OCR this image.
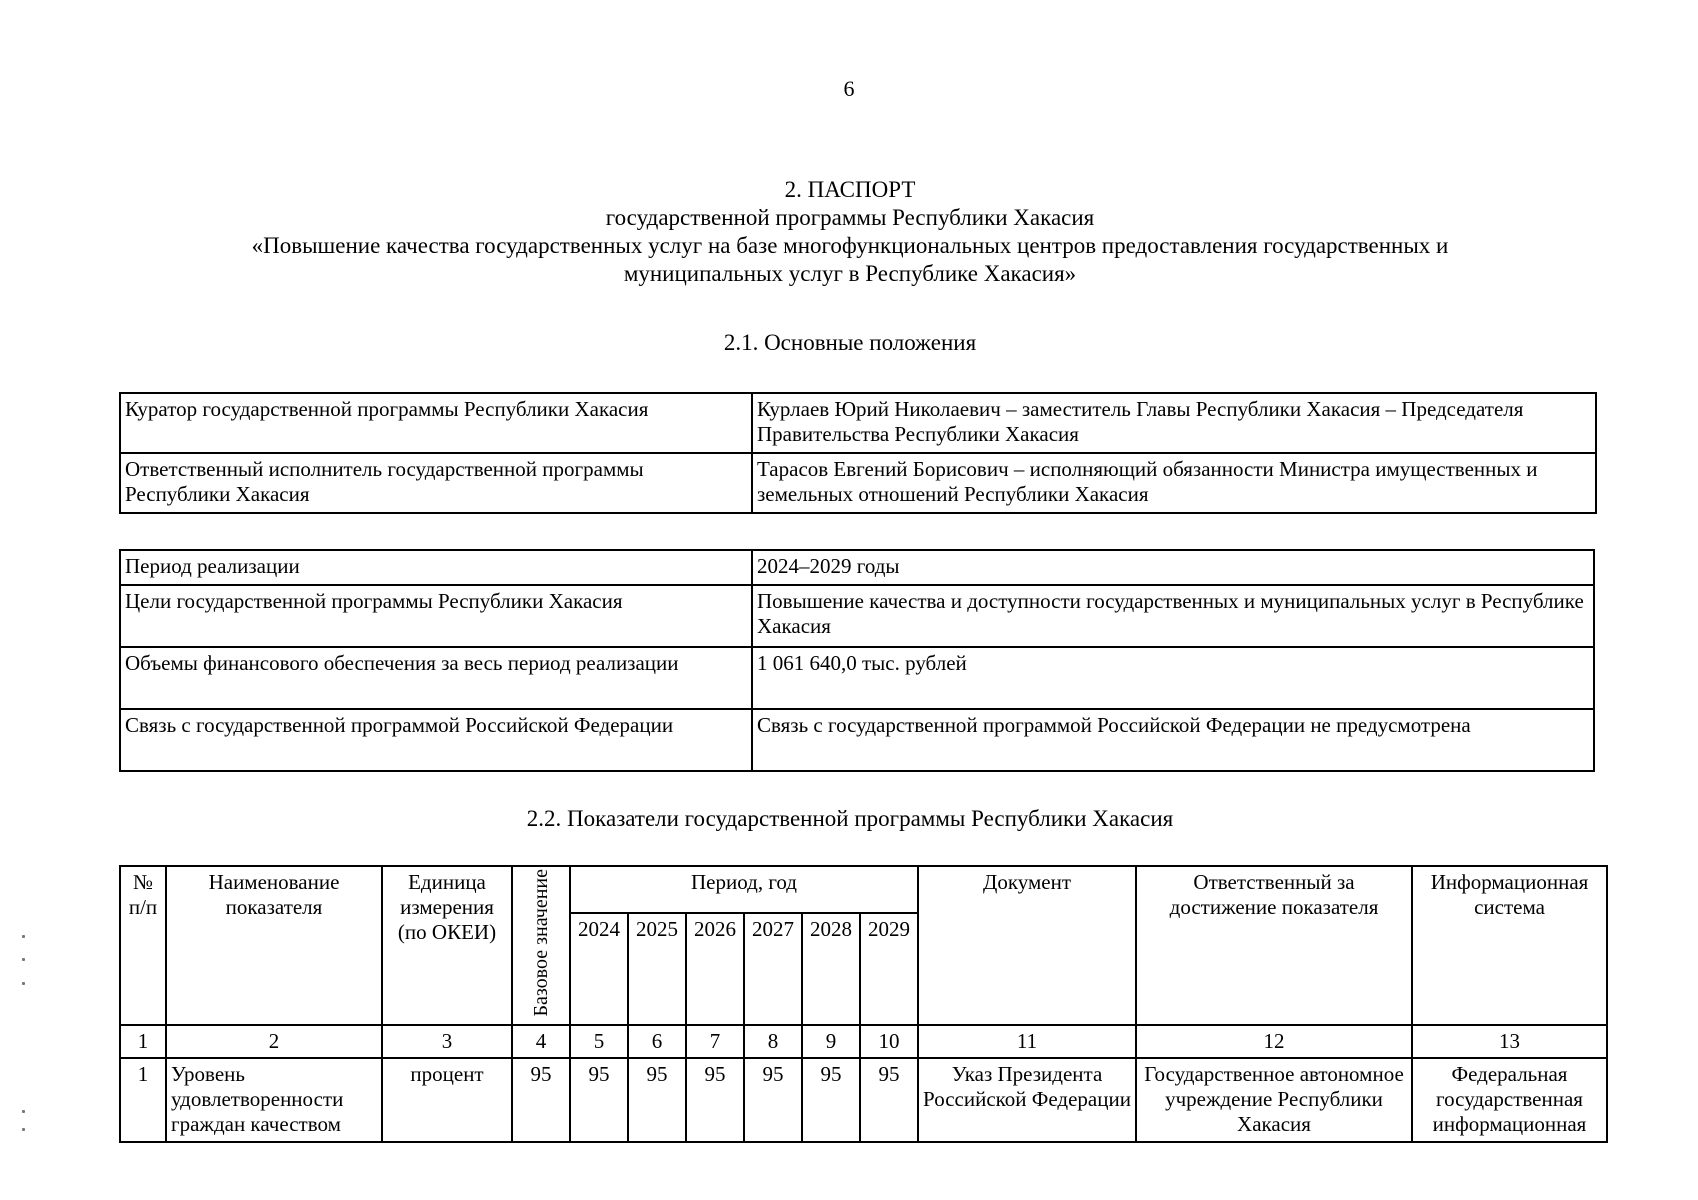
6
2. ПАСПОРТ
государственной программы Республики Хакасия
«Повышение качества государственных услуг на базе многофункциональных центров предоставления государственных и
муниципальных услуг в Республике Хакасия»
2.1. Основные положения
Куратор государственной программы Республики Хакасия	Курлаев Юрий Николаевич – заместитель Главы Республики Хакасия – Председателя Правительства Республики Хакасия
Ответственный исполнитель государственной программы Республики Хакасия	Тарасов Евгений Борисович – исполняющий обязанности Министра имущественных и земельных отношений Республики Хакасия
Период реализации	2024–2029 годы
Цели государственной программы Республики Хакасия	Повышение качества и доступности государственных и муниципальных услуг в Республике Хакасия
Объемы финансового обеспечения за весь период реализации	1 061 640,0 тыс. рублей
Связь с государственной программой Российской Федерации	Связь с государственной программой Российской Федерации не предусмотрена
2.2. Показатели государственной программы Республики Хакасия
№ п/п	Наименование показателя	Единица измерения (по ОКЕИ)	Базовое значение	Период, год						Документ	Ответственный за достижение показателя	Информационная система
				2024	2025	2026	2027	2028	2029			
1	2	3	4	5	6	7	8	9	10	11	12	13
1	Уровень удовлетворенности граждан качеством	процент	95	95	95	95	95	95	95	Указ Президента Российской Федерации	Государственное автономное учреждение Республики Хакасия	Федеральная государственная информационная
